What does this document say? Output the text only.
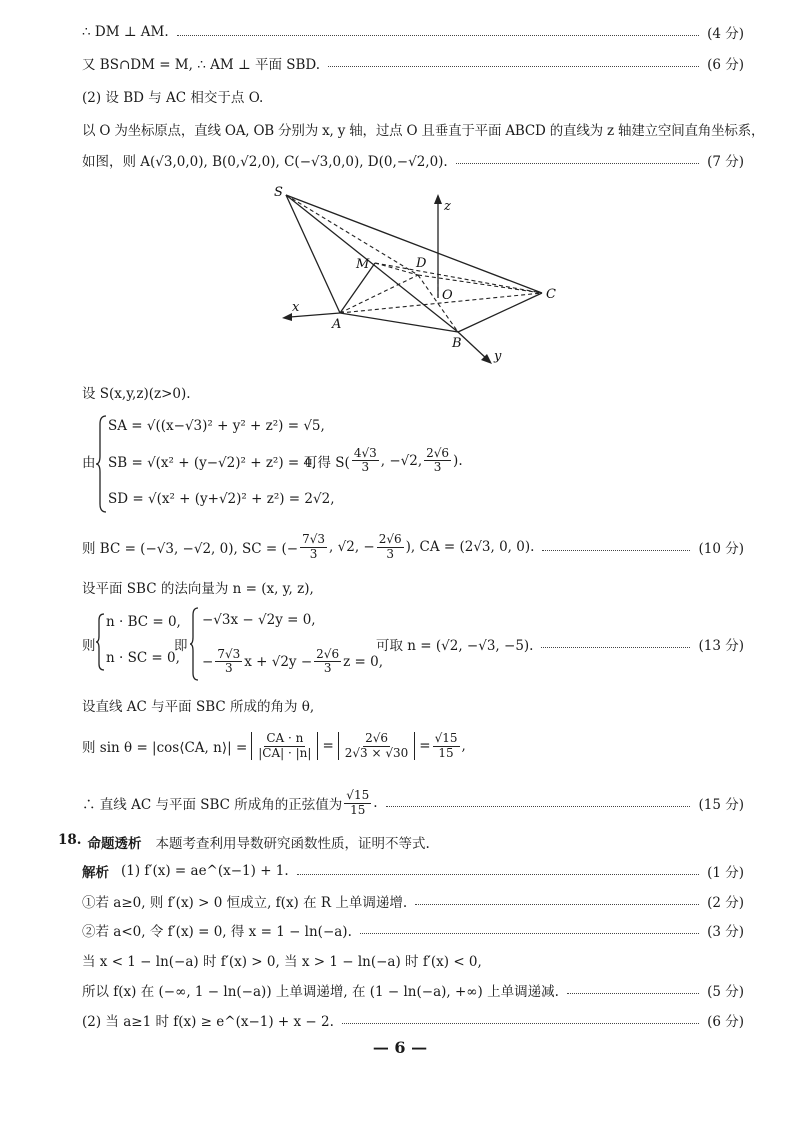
∴ DM ⊥ AM.	(4 分)
又 BS∩DM = M, ∴ AM ⊥ 平面 SBD.	(6 分)
(2) 设 BD 与 AC 相交于点 O.
以 O 为坐标原点，直线 OA, OB 分别为 x, y 轴，过点 O 且垂直于平面 ABCD 的直线为 z 轴建立空间直角坐标系，
如图，则 A(√3,0,0), B(0,√2,0), C(−√3,0,0), D(0,−√2,0).	(7 分)
S
M	D
O	C
A
B
x
y
z
设 S(x,y,z)(z>0).
由
SA = √((x−√3)² + y² + z²) = √5,
SB = √(x² + (y−√2)² + z²) = 4,
SD = √(x² + (y+√2)² + z²) = 2√2,
可得 $S( \frac{4√3}{3}$ , −√2, $\frac{2√6}{3}$ ).
则 BC = (−√3, −√2, 0), SC = (− $\frac{7√3}{3}$ , √2, − $\frac{2√6}{3}$ ), CA = (2√3, 0, 0).	(10 分)
设平面 SBC 的法向量为 n = (x, y, z),
则
n · BC = 0,
n · SC = 0,
即
−√3x − √2y = 0,
− $\frac{7√3}{3}$ $x + √2y - \frac{2√6}{3}$ z = 0,
可取 n = (√2, −√3, −5).	(13 分)
设直线 AC 与平面 SBC 所成的角为 θ,
则 sin θ = |cos⟨CA, n⟩| = $\frac{CA \cdot n}{|CA| \cdot |n|} = \frac{2√6}{2√3 \times √30} = \frac{√15}{15}$ ,
∴ 直线 AC 与平面 SBC 所成角的正弦值为 $\frac{√15}{15}$ .	(15 分)
18. 命题透析 本题考查利用导数研究函数性质，证明不等式.
解析 (1) f′(x) = ae^(x−1) + 1.	(1 分)
①若 a≥0, 则 f′(x) > 0 恒成立, f(x) 在 R 上单调递增.	(2 分)
②若 a<0, 令 f′(x) = 0, 得 x = 1 − ln(−a).	(3 分)
当 x < 1 − ln(−a) 时 f′(x) > 0, 当 x > 1 − ln(−a) 时 f′(x) < 0,
所以 f(x) 在 (−∞, 1 − ln(−a)) 上单调递增, 在 (1 − ln(−a), +∞) 上单调递减.	(5 分)
(2) 当 a≥1 时 f(x) ≥ e^(x−1) + x − 2.	(6 分)
— 6 —
